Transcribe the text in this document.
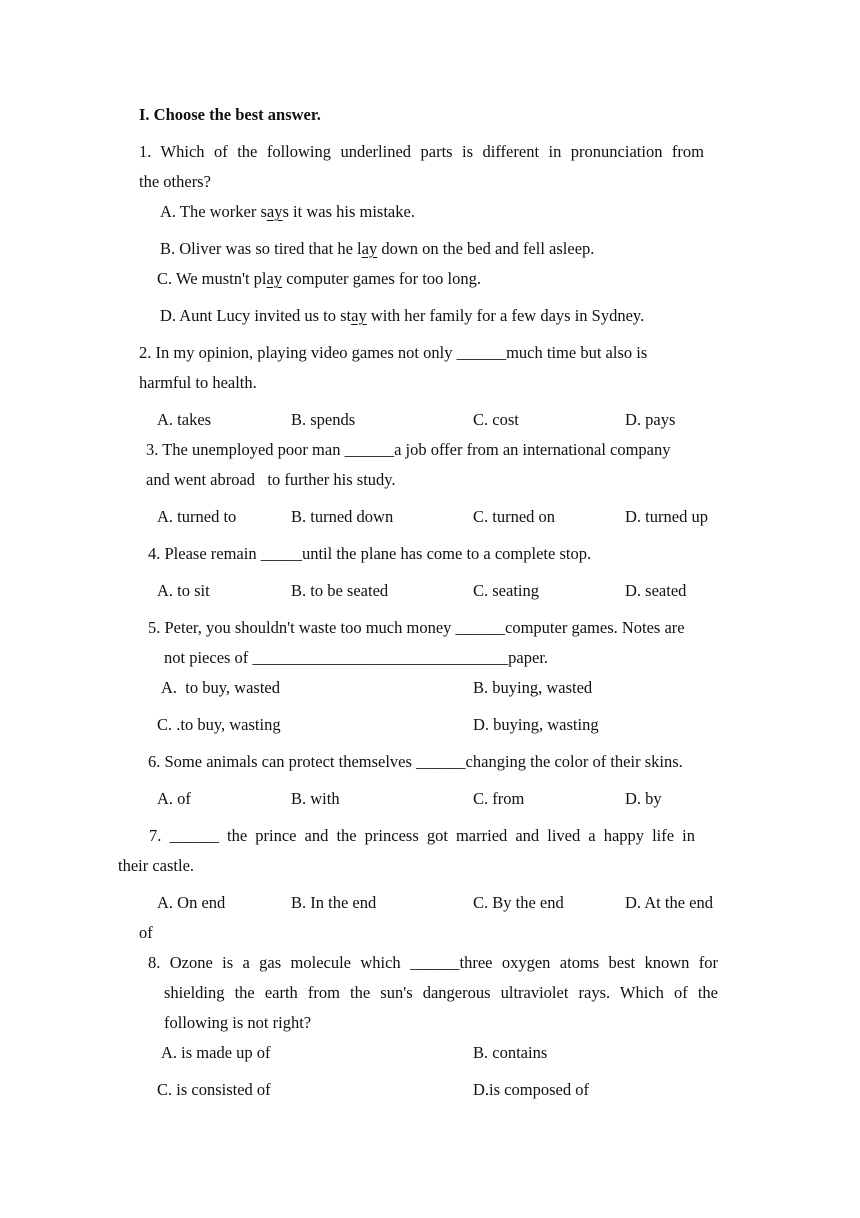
I. Choose the best answer.
1. Which of the following underlined parts is different in pronunciation from
the others?
A. The worker says it was his mistake.
B. Oliver was so tired that he lay down on the bed and fell asleep.
C. We mustn't play computer games for too long.
D. Aunt Lucy invited us to stay with her family for a few days in Sydney.
2. In my opinion, playing video games not only ______much time but also is
harmful to health.
A. takes	B. spends	C. cost	D. pays
3. The unemployed poor man ______a job offer from an international company
and went abroad   to further his study.
A. turned to	B. turned down	C. turned on	D. turned up
4. Please remain _____until the plane has come to a complete stop.
A. to sit	B. to be seated	C. seating	D. seated
5. Peter, you shouldn't waste too much money ______computer games. Notes are
not pieces of _______________________________paper.
A.  to buy, wasted	B. buying, wasted
C. .to buy, wasting	D. buying, wasting
6. Some animals can protect themselves ______changing the color of their skins.
A. of	B. with	C. from	D. by
7. ______ the prince and the princess got married and lived a happy life in
their castle.
A. On end	B. In the end	C. By the end	D. At the end
of
8. Ozone is a gas molecule which ______three oxygen atoms best known for
shielding the earth from the sun's dangerous ultraviolet rays. Which of the
following is not right?
A. is made up of	B. contains
C. is consisted of	D.is composed of
